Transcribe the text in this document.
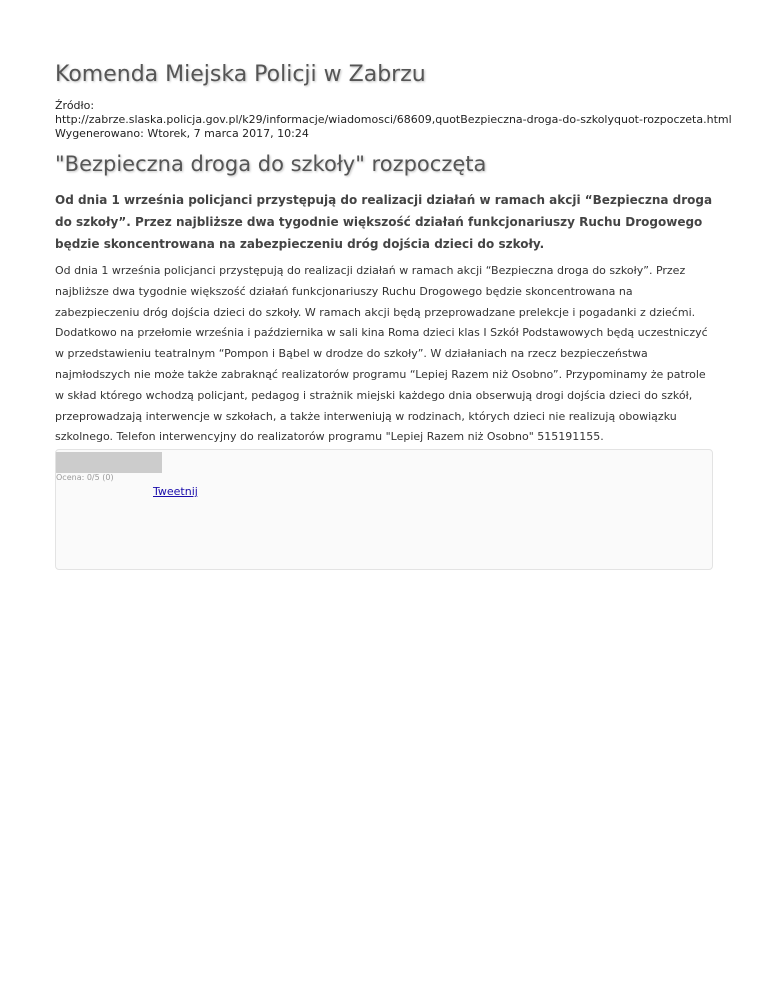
Komenda Miejska Policji w Zabrzu
Źródło:
http://zabrze.slaska.policja.gov.pl/k29/informacje/wiadomosci/68609,quotBezpieczna-droga-do-szkolyquot-rozpoczeta.html
Wygenerowano: Wtorek, 7 marca 2017, 10:24
"Bezpieczna droga do szkoły" rozpoczęta

Od dnia 1 września policjanci przystępują do realizacji działań w ramach akcji “Bezpieczna droga do szkoły”. Przez najbliższe dwa tygodnie większość działań funkcjonariuszy Ruchu Drogowego będzie skoncentrowana na zabezpieczeniu dróg dojścia dzieci do szkoły.

Od dnia 1 września policjanci przystępują do realizacji działań w ramach akcji “Bezpieczna droga do szkoły”. Przez najbliższe dwa tygodnie większość działań funkcjonariuszy Ruchu Drogowego będzie skoncentrowana na zabezpieczeniu dróg dojścia dzieci do szkoły. W ramach akcji będą przeprowadzane prelekcje i pogadanki z dziećmi. Dodatkowo na przełomie września i października w sali kina Roma dzieci klas I Szkół Podstawowych będą uczestniczyć w przedstawieniu teatralnym “Pompon i Bąbel w drodze do szkoły”. W działaniach na rzecz bezpieczeństwa najmłodszych nie może także zabraknąć realizatorów programu “Lepiej Razem niż Osobno”. Przypominamy że patrole w skład którego wchodzą policjant, pedagog i strażnik miejski każdego dnia obserwują drogi dojścia dzieci do szkół, przeprowadzają interwencje w szkołach, a także interweniują w rodzinach, których dzieci nie realizują obowiązku szkolnego. Telefon interwencyjny do realizatorów programu "Lepiej Razem niż Osobno" 515191155.

Ocena: 0/5 (0)
Tweetnij
